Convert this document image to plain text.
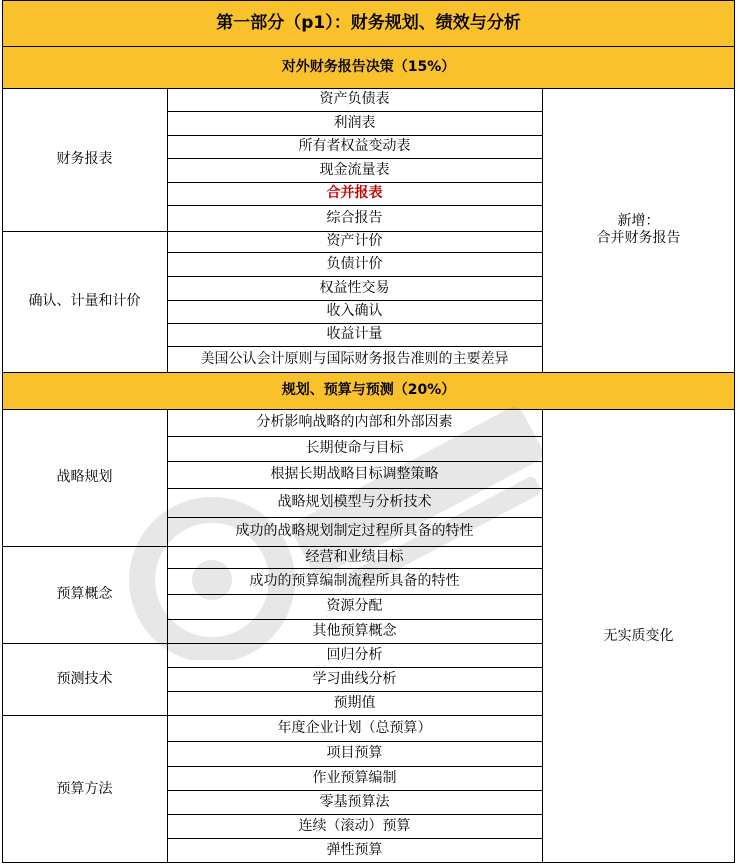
第一部分（p1）：财务规划、绩效与分析
对外财务报告决策（15%）
财务报表
确认、计量和计价
资产负债表
利润表
所有者权益变动表
现金流量表
合并报表
综合报告
资产计价
负债计价
权益性交易
收入确认
收益计量
美国公认会计原则与国际财务报告准则的主要差异
新增：
合并财务报告
规划、预算与预测（20%）
战略规划
预算概念
预测技术
预算方法
分析影响战略的内部和外部因素
长期使命与目标
根据长期战略目标调整策略
战略规划模型与分析技术
成功的战略规划制定过程所具备的特性
经营和业绩目标
成功的预算编制流程所具备的特性
资源分配
其他预算概念
回归分析
学习曲线分析
预期值
年度企业计划（总预算）
项目预算
作业预算编制
零基预算法
连续（滚动）预算
弹性预算
无实质变化
